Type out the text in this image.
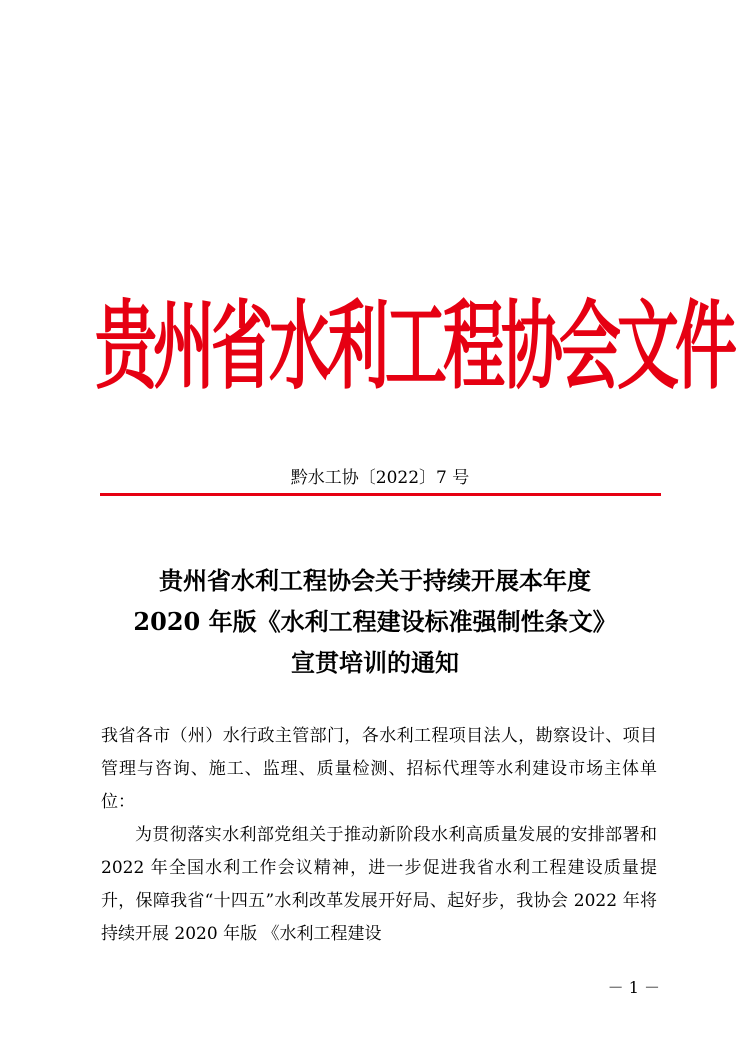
贵州省水利工程协会文件
黔水工协〔2022〕7 号
贵州省水利工程协会关于持续开展本年度
2020 年版《水利工程建设标准强制性条文》
宣贯培训的通知

我省各市（州）水行政主管部门，各水利工程项目法人，勘察设计、项目管理与咨询、施工、监理、质量检测、招标代理等水利建设市场主体单位：

为贯彻落实水利部党组关于推动新阶段水利高质量发展的安排部署和 2022 年全国水利工作会议精神，进一步促进我省水利工程建设质量提升，保障我省“十四五”水利改革发展开好局、起好步，我协会 2022 年将持续开展 2020 年版 《水利工程建设

－ 1 －
